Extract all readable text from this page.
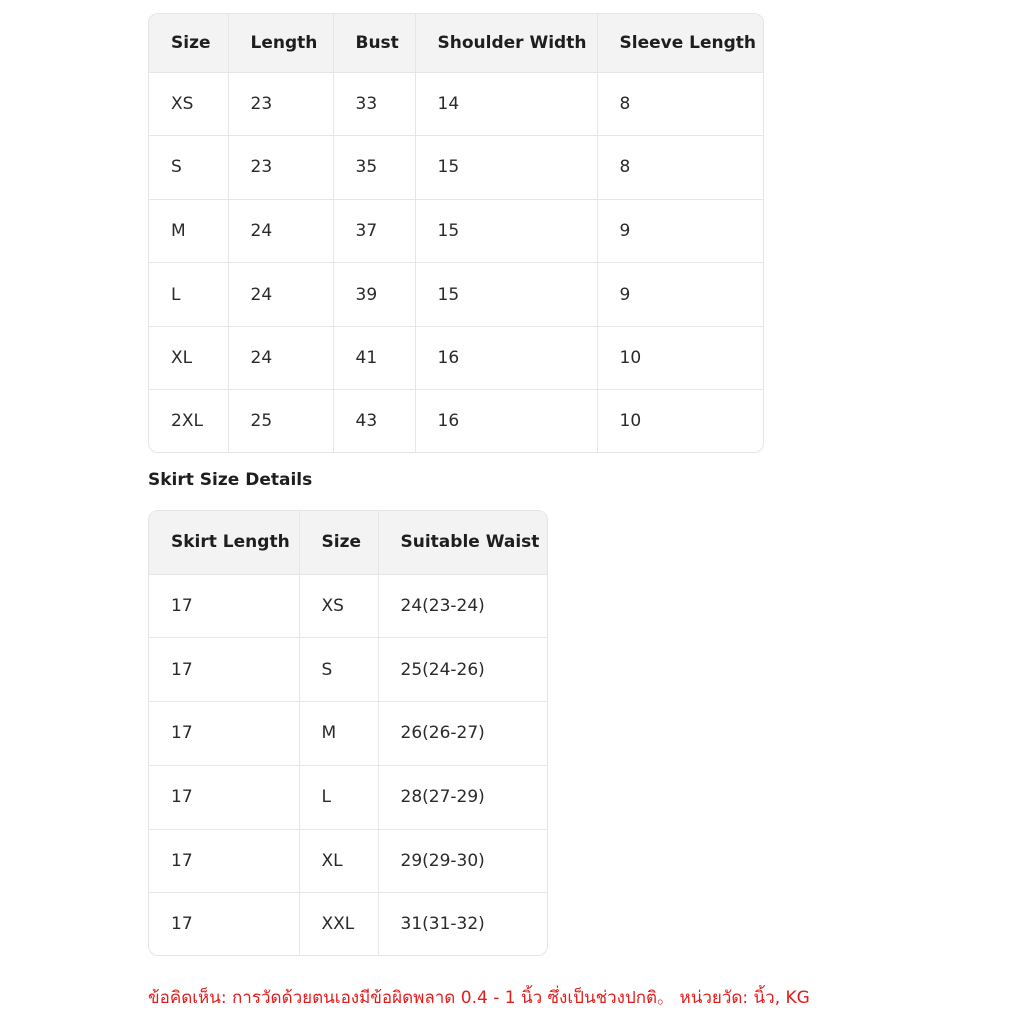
Size	Length	Bust	Shoulder Width	Sleeve Length
XS	23	33	14	8
S	23	35	15	8
M	24	37	15	9
L	24	39	15	9
XL	24	41	16	10
2XL	25	43	16	10
Skirt Size Details
Skirt Length	Size	Suitable Waist
17	XS	24(23-24)
17	S	25(24-26)
17	M	26(26-27)
17	L	28(27-29)
17	XL	29(29-30)
17	XXL	31(31-32)

ข้อคิดเห็น: การวัดด้วยตนเองมีข้อผิดพลาด 0.4 - 1 นิ้ว ซึ่งเป็นช่วงปกติ。 หน่วยวัด: นิ้ว, KG
